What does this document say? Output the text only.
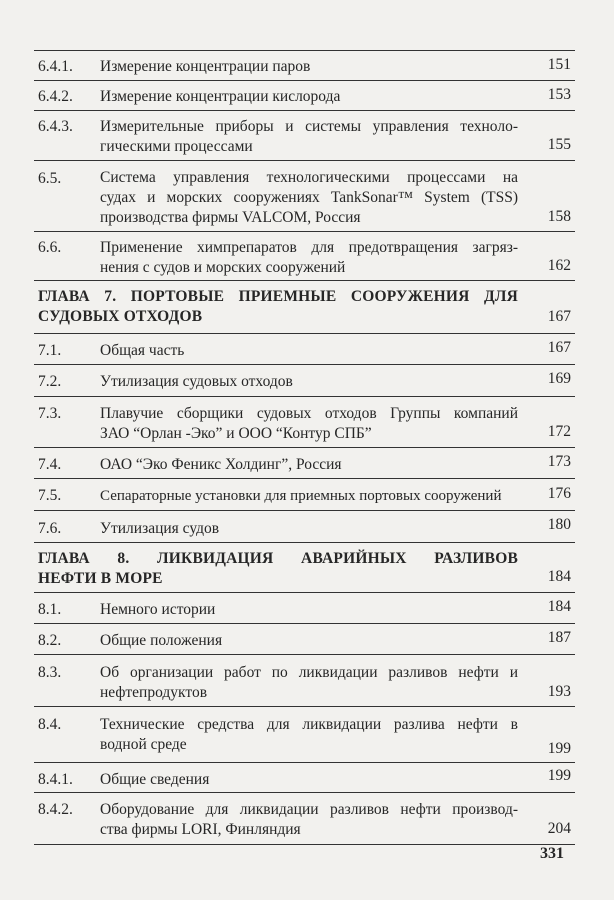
6.4.1. Измерение концентрации паров	151
6.4.2. Измерение концентрации кислорода	153
6.4.3. Измерительные приборы и системы управления техноло-
гическими процессами	155
6.5.	Система управления технологическими процессами на
судах и морских сооружениях TankSonar™ System (TSS)
производства фирмы VALCOM, Россия	158
6.6.	Применение химпрепаратов для предотвращения загряз-
нения с судов и морских сооружений	162
ГЛАВА 7. ПОРТОВЫЕ ПРИЕМНЫЕ СООРУЖЕНИЯ ДЛЯ
СУДОВЫХ ОТХОДОВ	167
7.1.	Общая часть	167
7.2.	Утилизация судовых отходов	169
7.3.	Плавучие сборщики судовых отходов Группы компаний
ЗАО “Орлан -Эко” и ООО “Контур СПБ”	172
7.4.	ОАО “Эко Феникс Холдинг”, Россия	173
7.5.	Сепараторные установки для приемных портовых сооружений	176
7.6.	Утилизация судов	180
ГЛАВА 8. ЛИКВИДАЦИЯ АВАРИЙНЫХ РАЗЛИВОВ
НЕФТИ В МОРЕ	184
8.1.	Немного истории	184
8.2.	Общие положения	187
8.3.	Об организации работ по ликвидации разливов нефти и
нефтепродуктов	193
8.4.	Технические средства для ликвидации разлива нефти в
водной среде	199
8.4.1. Общие сведения	199
8.4.2. Оборудование для ликвидации разливов нефти производ-
ства фирмы LORI, Финляндия	204
331
